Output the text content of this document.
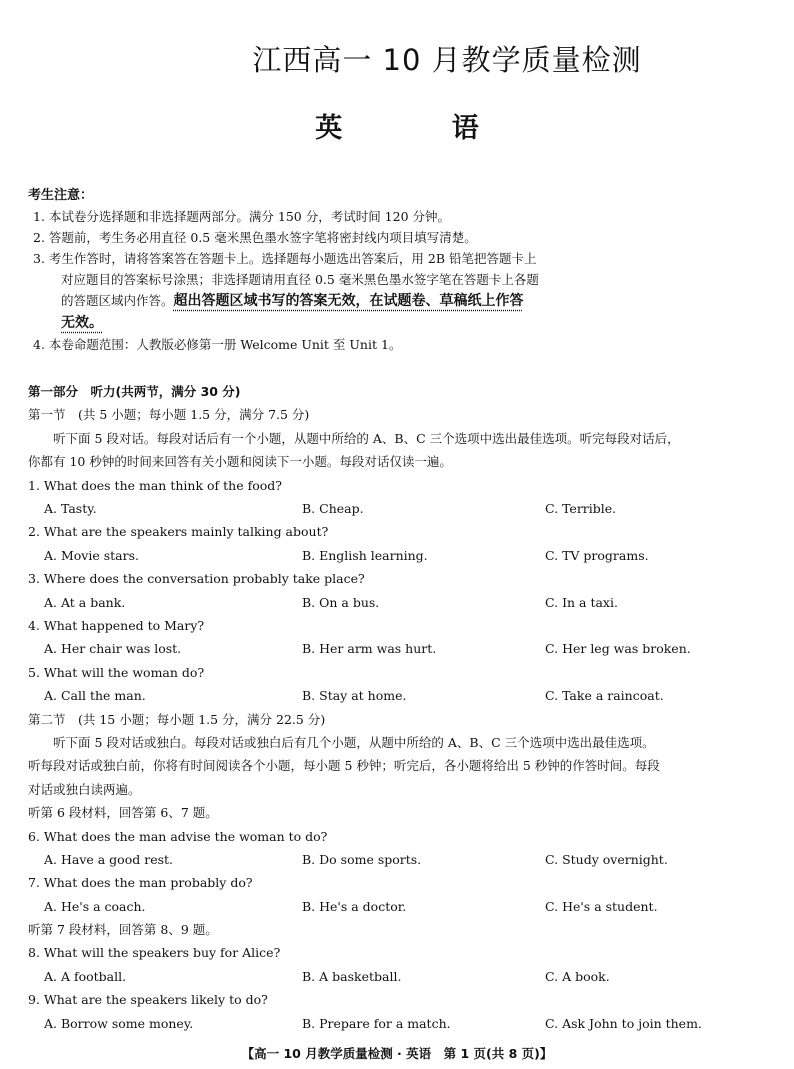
江西高一 10 月教学质量检测
英 语
考生注意：
1. 本试卷分选择题和非选择题两部分。满分 150 分，考试时间 120 分钟。
2. 答题前，考生务必用直径 0.5 毫米黑色墨水签字笔将密封线内项目填写清楚。
3. 考生作答时，请将答案答在答题卡上。选择题每小题选出答案后，用 2B 铅笔把答题卡上
对应题目的答案标号涂黑；非选择题请用直径 0.5 毫米黑色墨水签字笔在答题卡上各题
的答题区域内作答。超出答题区域书写的答案无效，在试题卷、草稿纸上作答
无效。
4. 本卷命题范围：人教版必修第一册 Welcome Unit 至 Unit 1。
第一部分　听力(共两节，满分 30 分)
第一节　(共 5 小题；每小题 1.5 分，满分 7.5 分)
听下面 5 段对话。每段对话后有一个小题，从题中所给的 A、B、C 三个选项中选出最佳选项。听完每段对话后，
你都有 10 秒钟的时间来回答有关小题和阅读下一小题。每段对话仅读一遍。
1. What does the man think of the food?
A. Tasty.	B. Cheap.	C. Terrible.
2. What are the speakers mainly talking about?
A. Movie stars.	B. English learning.	C. TV programs.
3. Where does the conversation probably take place?
A. At a bank.	B. On a bus.	C. In a taxi.
4. What happened to Mary?
A. Her chair was lost.	B. Her arm was hurt.	C. Her leg was broken.
5. What will the woman do?
A. Call the man.	B. Stay at home.	C. Take a raincoat.
第二节　(共 15 小题；每小题 1.5 分，满分 22.5 分)
听下面 5 段对话或独白。每段对话或独白后有几个小题，从题中所给的 A、B、C 三个选项中选出最佳选项。
听每段对话或独白前，你将有时间阅读各个小题，每小题 5 秒钟；听完后，各小题将给出 5 秒钟的作答时间。每段
对话或独白读两遍。
听第 6 段材料，回答第 6、7 题。
6. What does the man advise the woman to do?
A. Have a good rest.	B. Do some sports.	C. Study overnight.
7. What does the man probably do?
A. He's a coach.	B. He's a doctor.	C. He's a student.
听第 7 段材料，回答第 8、9 题。
8. What will the speakers buy for Alice?
A. A football.	B. A basketball.	C. A book.
9. What are the speakers likely to do?
A. Borrow some money.	B. Prepare for a match.	C. Ask John to join them.
【高一 10 月教学质量检测 · 英语　第 1 页(共 8 页)】
